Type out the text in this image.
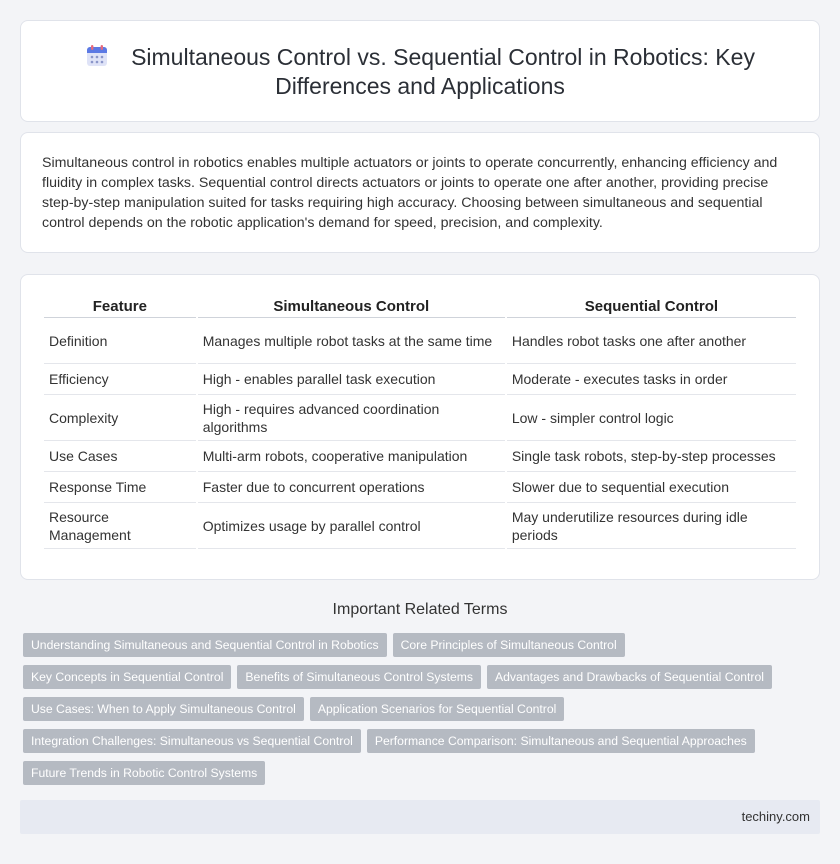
Simultaneous Control vs. Sequential Control in Robotics: Key Differences and Applications

Simultaneous control in robotics enables multiple actuators or joints to operate concurrently, enhancing efficiency and fluidity in complex tasks. Sequential control directs actuators or joints to operate one after another, providing precise step-by-step manipulation suited for tasks requiring high accuracy. Choosing between simultaneous and sequential control depends on the robotic application's demand for speed, precision, and complexity.

Feature	Simultaneous Control	Sequential Control
Definition	Manages multiple robot tasks at the same time	Handles robot tasks one after another
Efficiency	High - enables parallel task execution	Moderate - executes tasks in order
Complexity	High - requires advanced coordination algorithms	Low - simpler control logic
Use Cases	Multi-arm robots, cooperative manipulation	Single task robots, step-by-step processes
Response Time	Faster due to concurrent operations	Slower due to sequential execution
Resource Management	Optimizes usage by parallel control	May underutilize resources during idle periods
Important Related Terms
Understanding Simultaneous and Sequential Control in Robotics Core Principles of Simultaneous Control
Key Concepts in Sequential Control Benefits of Simultaneous Control Systems Advantages and Drawbacks of Sequential Control
Use Cases: When to Apply Simultaneous Control Application Scenarios for Sequential Control
Integration Challenges: Simultaneous vs Sequential Control Performance Comparison: Simultaneous and Sequential Approaches
Future Trends in Robotic Control Systems
techiny.com
